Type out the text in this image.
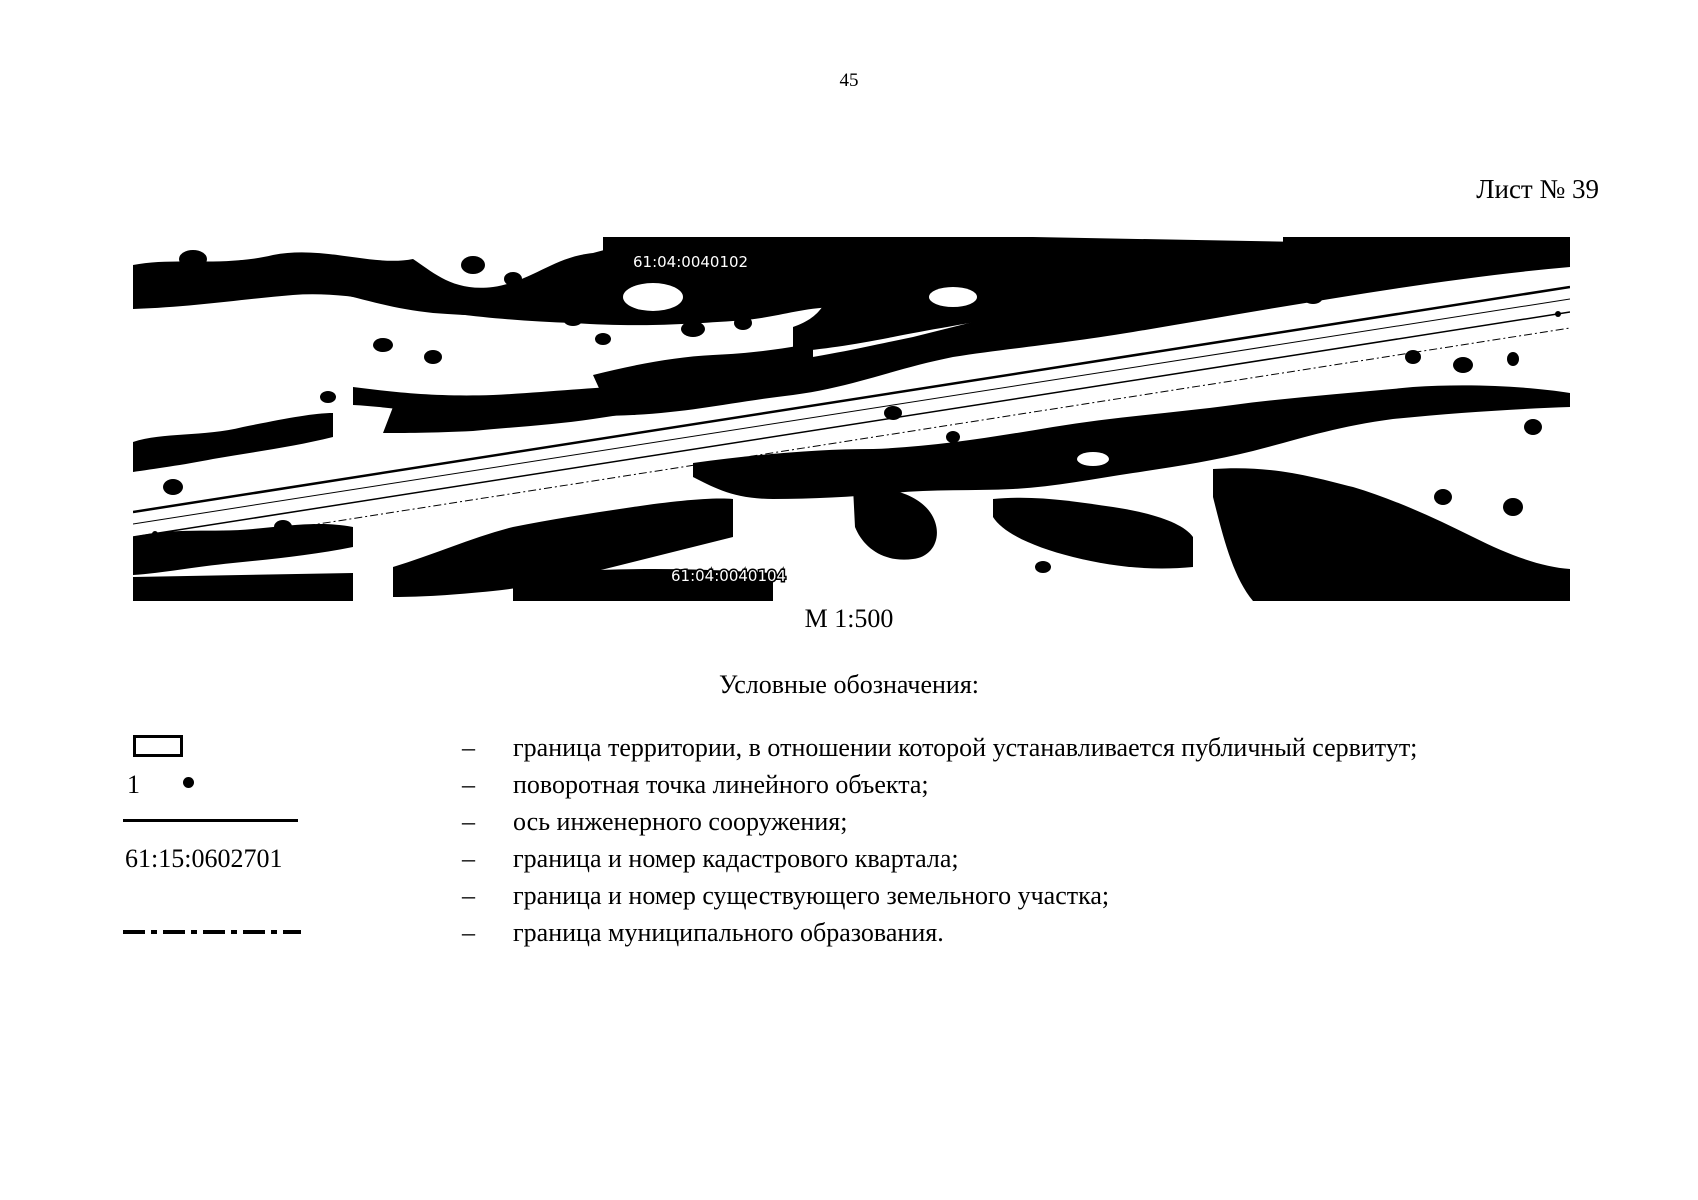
45
Лист № 39
61:04:0040102
61:04:0040104
М 1:500
Условные обозначения:
– граница территории, в отношении которой устанавливается публичный сервитут;
1	– поворотная точка линейного объекта;
– ось инженерного сооружения;
61:15:0602701	– граница и номер кадастрового квартала;
– граница и номер существующего земельного участка;
– граница муниципального образования.
